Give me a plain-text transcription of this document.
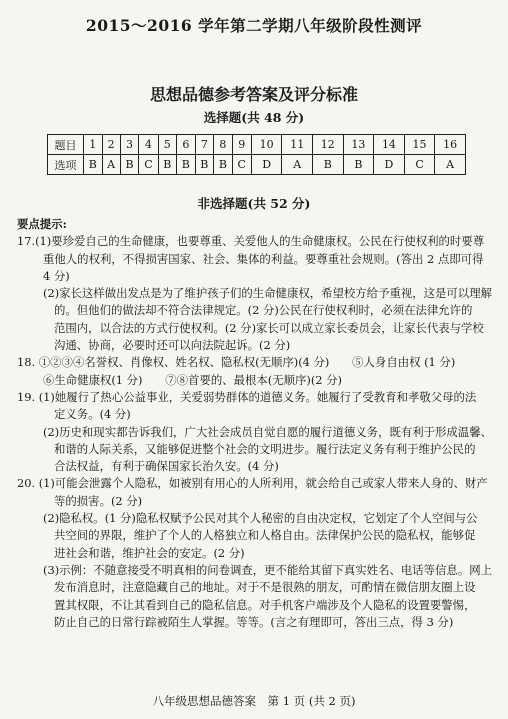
2015～2016 学年第二学期八年级阶段性测评
思想品德参考答案及评分标准
选择题(共 48 分)
题目	1	2	3	4	5	6	7	8	9	10	11	12	13	14	15	16
选项	B	A	B	C	B	B	B	B	C	D	A	B	B	D	C	A
非选择题(共 52 分)

要点提示:

17.(1)要珍爱自己的生命健康，也要尊重、关爱他人的生命健康权。公民在行使权利的时要尊

重他人的权利，不得损害国家、社会、集体的利益。要尊重社会规则。(答出 2 点即可得

4 分)

(2)家长这样做出发点是为了维护孩子们的生命健康权，希望校方给予重视，这是可以理解

的。但他们的做法却不符合法律规定。(2 分)公民在行使权利时，必须在法律允许的

范围内，以合法的方式行使权利。(2 分)家长可以成立家长委员会，让家长代表与学校

沟通、协商，必要时还可以向法院起诉。(2 分)

18. ①②③④名誉权、肖像权、姓名权、隐私权(无顺序)(4 分)　　⑤人身自由权 (1 分)

⑥生命健康权(1 分)　　⑦⑧首要的、最根本(无顺序)(2 分)

19. (1)她履行了热心公益事业，关爱弱势群体的道德义务。她履行了受教育和孝敬父母的法

定义务。(4 分)

(2)历史和现实都告诉我们，广大社会成员自觉自愿的履行道德义务，既有利于形成温馨、

和谐的人际关系，又能够促进整个社会的文明进步。履行法定义务有利于维护公民的

合法权益，有利于确保国家长治久安。(4 分)

20. (1)可能会泄露个人隐私，如被别有用心的人所利用，就会给自己或家人带来人身的、财产

等的损害。(2 分)

(2)隐私权。(1 分)隐私权赋予公民对其个人秘密的自由决定权，它划定了个人空间与公

共空间的界限，维护了个人的人格独立和人格自由。法律保护公民的隐私权，能够促

进社会和谐，维护社会的安定。(2 分)

(3)示例：不随意接受不明真相的问卷调查，更不能给其留下真实姓名、电话等信息。网上

发布消息时，注意隐藏自己的地址。对于不是很熟的朋友，可酌情在微信朋友圈上设

置其权限，不让其看到自己的隐私信息。对手机客户端涉及个人隐私的设置要警惕，

防止自己的日常行踪被陌生人掌握。等等。(言之有理即可，答出三点，得 3 分)

八年级思想品德答案　第 1 页 (共 2 页)
